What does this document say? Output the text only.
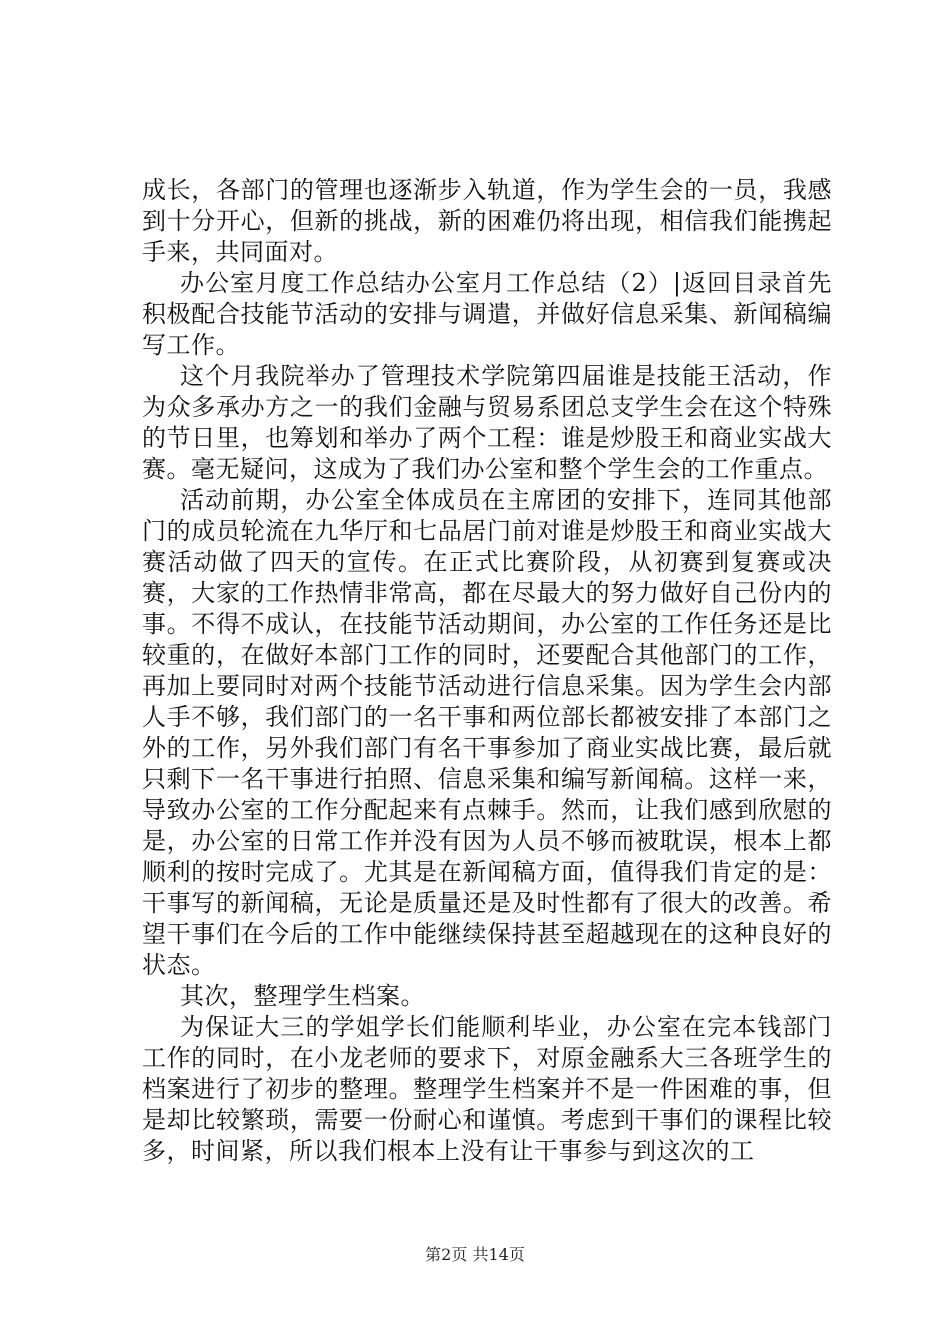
成长，各部门的管理也逐渐步入轨道，作为学生会的一员，我感到十分开心，但新的挑战，新的困难仍将出现，相信我们能携起手来，共同面对。

办公室月度工作总结办公室月工作总结（2）|返回目录首先积极配合技能节活动的安排与调遣，并做好信息采集、新闻稿编写工作。

这个月我院举办了管理技术学院第四届谁是技能王活动，作为众多承办方之一的我们金融与贸易系团总支学生会在这个特殊的节日里，也筹划和举办了两个工程：谁是炒股王和商业实战大赛。毫无疑问，这成为了我们办公室和整个学生会的工作重点。

活动前期，办公室全体成员在主席团的安排下，连同其他部门的成员轮流在九华厅和七品居门前对谁是炒股王和商业实战大赛活动做了四天的宣传。在正式比赛阶段，从初赛到复赛或决赛，大家的工作热情非常高，都在尽最大的努力做好自己份内的事。不得不成认，在技能节活动期间，办公室的工作任务还是比较重的，在做好本部门工作的同时，还要配合其他部门的工作，再加上要同时对两个技能节活动进行信息采集。因为学生会内部人手不够，我们部门的一名干事和两位部长都被安排了本部门之外的工作，另外我们部门有名干事参加了商业实战比赛，最后就只剩下一名干事进行拍照、信息采集和编写新闻稿。这样一来，导致办公室的工作分配起来有点棘手。然而，让我们感到欣慰的是，办公室的日常工作并没有因为人员不够而被耽误，根本上都顺利的按时完成了。尤其是在新闻稿方面，值得我们肯定的是：干事写的新闻稿，无论是质量还是及时性都有了很大的改善。希望干事们在今后的工作中能继续保持甚至超越现在的这种良好的状态。

其次，整理学生档案。

为保证大三的学姐学长们能顺利毕业，办公室在完本钱部门工作的同时，在小龙老师的要求下，对原金融系大三各班学生的档案进行了初步的整理。整理学生档案并不是一件困难的事，但是却比较繁琐，需要一份耐心和谨慎。考虑到干事们的课程比较多，时间紧，所以我们根本上没有让干事参与到这次的工

第2页 共14页
